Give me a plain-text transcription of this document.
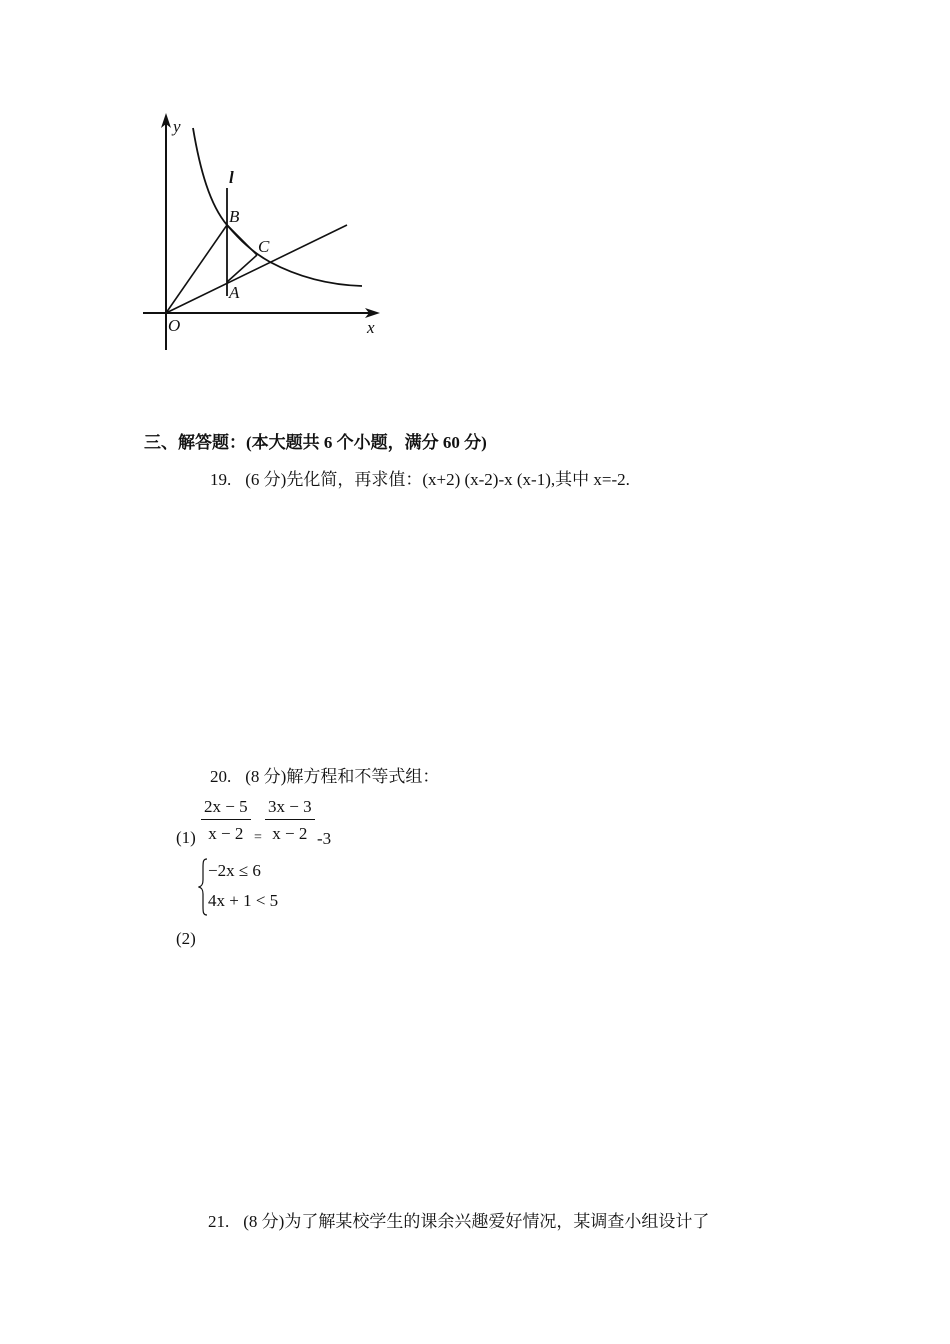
y
x
O
l
B
C
A
三、解答题：(本大题共 6 个小题，满分 60 分)
19. (6 分)先化简，再求值：(x+2) (x-2)-x (x-1),其中 x=-2.
20. (8 分)解方程和不等式组：
$(1) \frac{2x - 5}{x - 2} = \frac{3x - 3}{x - 2} -3$
−2x ≤ 6
4x + 1 < 5
(2)
21. (8 分)为了解某校学生的课余兴趣爱好情况，某调查小组设计了
